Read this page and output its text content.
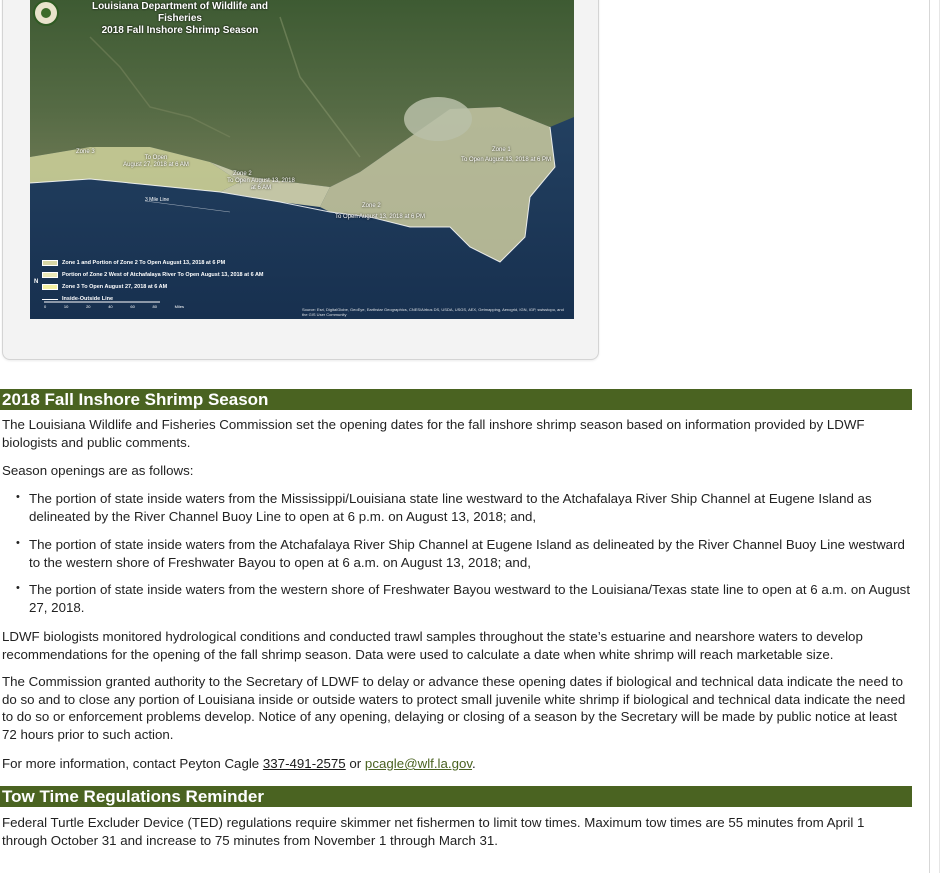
Louisiana Department of Wildlife and Fisheries
2018 Fall Inshore Shrimp Season
Zone 3
To Open
August 27, 2018 at 6 AM
Zone 2
To Open August 13, 2018
at 6 AM
Zone 2
To Open August 13, 2018 at 6 PM
Zone 1
To Open August 13, 2018 at 6 PM
3 Mile Line
Zone 1 and Portion of Zone 2 To Open August 13, 2018 at 6 PM
Portion of Zone 2 West of Atchafalaya River To Open August 13, 2018 at 6 AM
Zone 3 To Open August 27, 2018 at 6 AM
Inside-Outside Line
N
0	10	20	40	60	80	Miles
Source: Esri, DigitalGlobe, GeoEye, Earthstar Geographics, CNES/Airbus DS, USDA, USGS, AEX, Getmapping, Aerogrid, IGN, IGP, swisstopo, and the GIS User Community
2018 Fall Inshore Shrimp Season

The Louisiana Wildlife and Fisheries Commission set the opening dates for the fall inshore shrimp season based on information provided by LDWF biologists and public comments.

Season openings are as follows:

• The portion of state inside waters from the Mississippi/Louisiana state line westward to the Atchafalaya River Ship Channel at Eugene Island as delineated by the River Channel Buoy Line to open at 6 p.m. on August 13, 2018; and,

• The portion of state inside waters from the Atchafalaya River Ship Channel at Eugene Island as delineated by the River Channel Buoy Line westward to the western shore of Freshwater Bayou to open at 6 a.m. on August 13, 2018; and,

• The portion of state inside waters from the western shore of Freshwater Bayou westward to the Louisiana/Texas state line to open at 6 a.m. on August 27, 2018.

LDWF biologists monitored hydrological conditions and conducted trawl samples throughout the state’s estuarine and nearshore waters to develop recommendations for the opening of the fall shrimp season. Data were used to calculate a date when white shrimp will reach marketable size.

The Commission granted authority to the Secretary of LDWF to delay or advance these opening dates if biological and technical data indicate the need to do so and to close any portion of Louisiana inside or outside waters to protect small juvenile white shrimp if biological and technical data indicate the need to do so or enforcement problems develop. Notice of any opening, delaying or closing of a season by the Secretary will be made by public notice at least 72 hours prior to such action.

For more information, contact Peyton Cagle 337-491-2575 or pcagle@wlf.la.gov.

Tow Time Regulations Reminder

Federal Turtle Excluder Device (TED) regulations require skimmer net fishermen to limit tow times. Maximum tow times are 55 minutes from April 1 through October 31 and increase to 75 minutes from November 1 through March 31.
